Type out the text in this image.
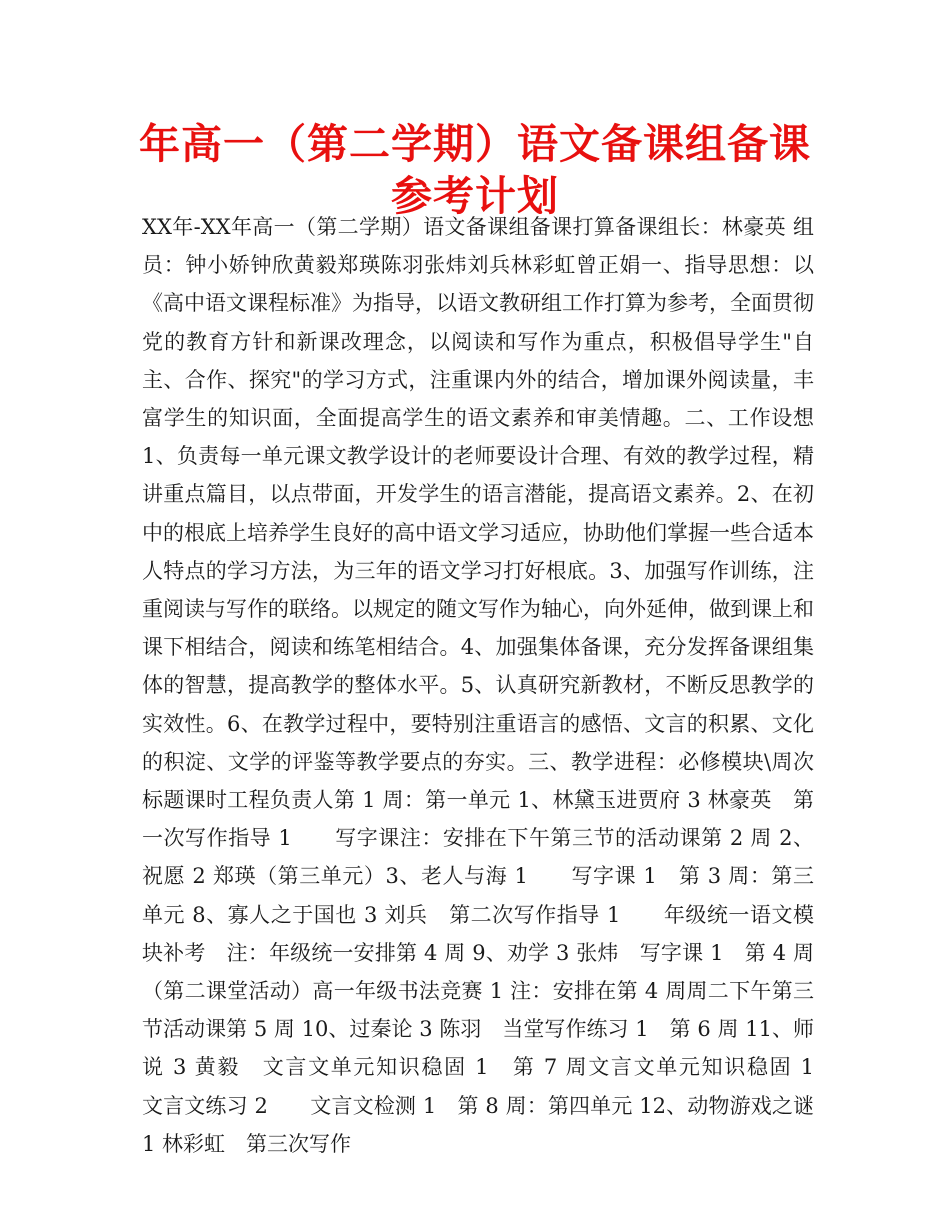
年高一（第二学期）语文备课组备课参考计划

XX年-XX年高一（第二学期）语文备课组备课打算备课组长：林豪英 组员：钟小娇钟欣黄毅郑瑛陈羽张炜刘兵林彩虹曾正娟一、指导思想：以《高中语文课程标准》为指导，以语文教研组工作打算为参考，全面贯彻党的教育方针和新课改理念，以阅读和写作为重点，积极倡导学生"自主、合作、探究"的学习方式，注重课内外的结合，增加课外阅读量，丰富学生的知识面，全面提高学生的语文素养和审美情趣。二、工作设想 1、负责每一单元课文教学设计的老师要设计合理、有效的教学过程，精讲重点篇目，以点带面，开发学生的语言潜能，提高语文素养。2、在初中的根底上培养学生良好的高中语文学习适应，协助他们掌握一些合适本人特点的学习方法，为三年的语文学习打好根底。3、加强写作训练，注重阅读与写作的联络。以规定的随文写作为轴心，向外延伸，做到课上和课下相结合，阅读和练笔相结合。4、加强集体备课，充分发挥备课组集体的智慧，提高教学的整体水平。5、认真研究新教材，不断反思教学的实效性。6、在教学过程中，要特别注重语言的感悟、文言的积累、文化的积淀、文学的评鉴等教学要点的夯实。三、教学进程：必修模块\周次　标题课时工程负责人第 1 周：第一单元 1、林黛玉进贾府 3 林豪英　第一次写作指导 1　　写字课注：安排在下午第三节的活动课第 2 周 2、祝愿 2 郑瑛（第三单元）3、老人与海 1　　写字课 1　第 3 周：第三单元 8、寡人之于国也 3 刘兵　第二次写作指导 1　　年级统一语文模块补考　注：年级统一安排第 4 周 9、劝学 3 张炜　写字课 1　第 4 周（第二课堂活动）高一年级书法竞赛 1 注：安排在第 4 周周二下午第三节活动课第 5 周 10、过秦论 3 陈羽　当堂写作练习 1　第 6 周 11、师说 3 黄毅　文言文单元知识稳固 1　第 7 周文言文单元知识稳固 1　　文言文练习 2　　文言文检测 1　第 8 周：第四单元 12、动物游戏之谜 1 林彩虹　第三次写作
